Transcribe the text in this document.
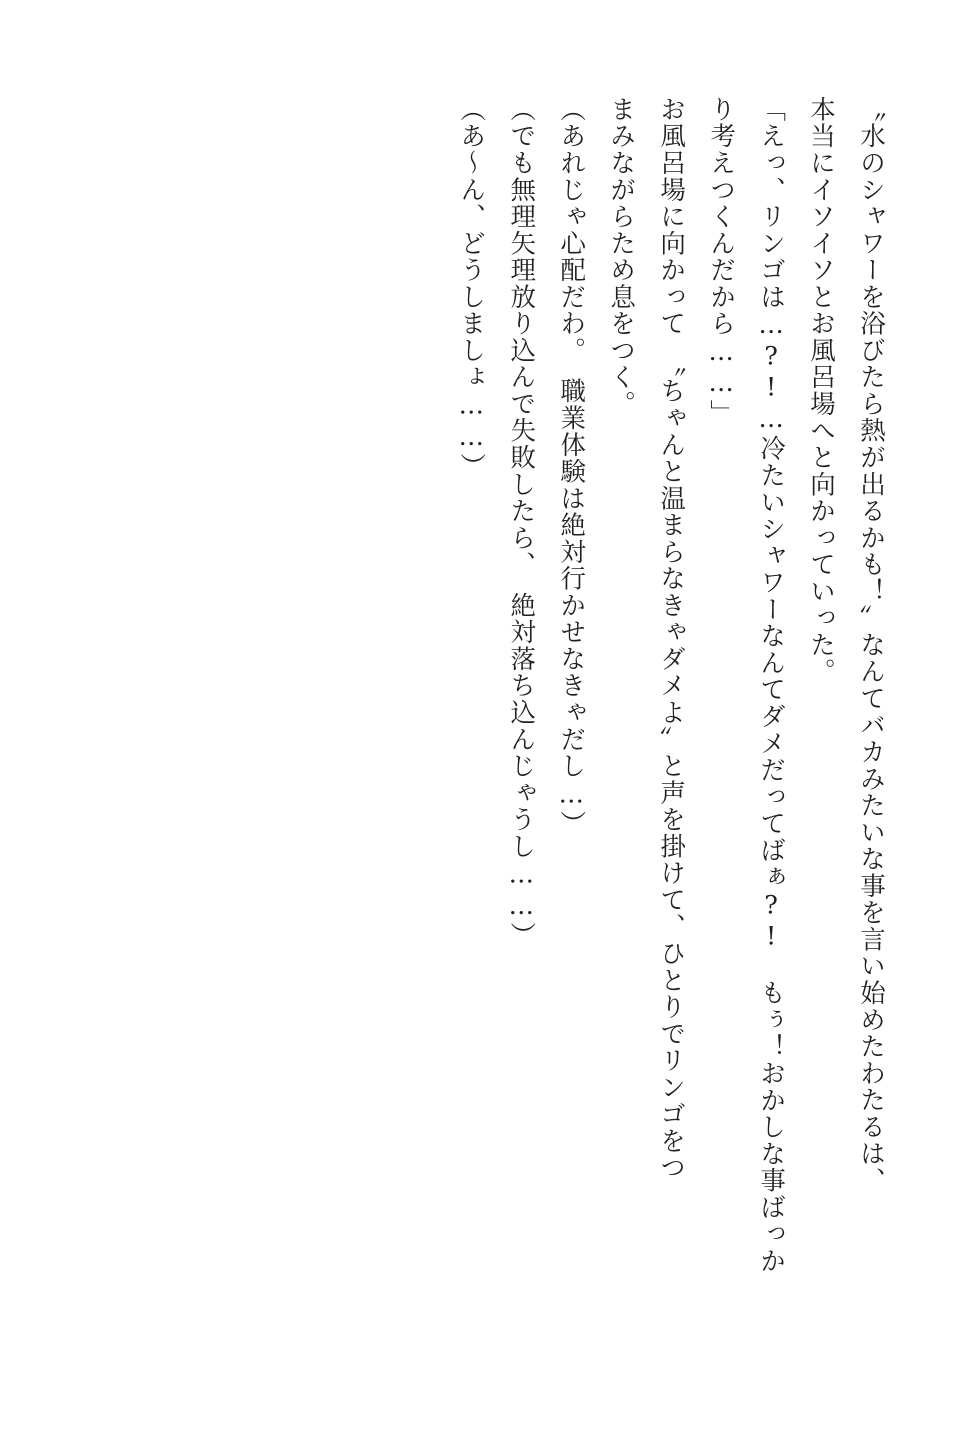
〝水のシャワーを浴びたら熱が出るかも！〟なんてバカみたいな事を言い始めたわたるは、

本当にイソイソとお風呂場へと向かっていった。

「えっ、リンゴは…?!…冷たいシャワーなんてダメだってばぁ?!　もぅ！おかしな事ばっか

り考えつくんだから……」

お風呂場に向かって　〝ちゃんと温まらなきゃダメよ〟と声を掛けて、ひとりでリンゴをつ

まみながらため息をつく。

（あれじゃ心配だわ。　職業体験は絶対行かせなきゃだし…）

（でも無理矢理放り込んで失敗したら、　絶対落ち込んじゃうし……）

（あ～ん、どうしましょ……）
